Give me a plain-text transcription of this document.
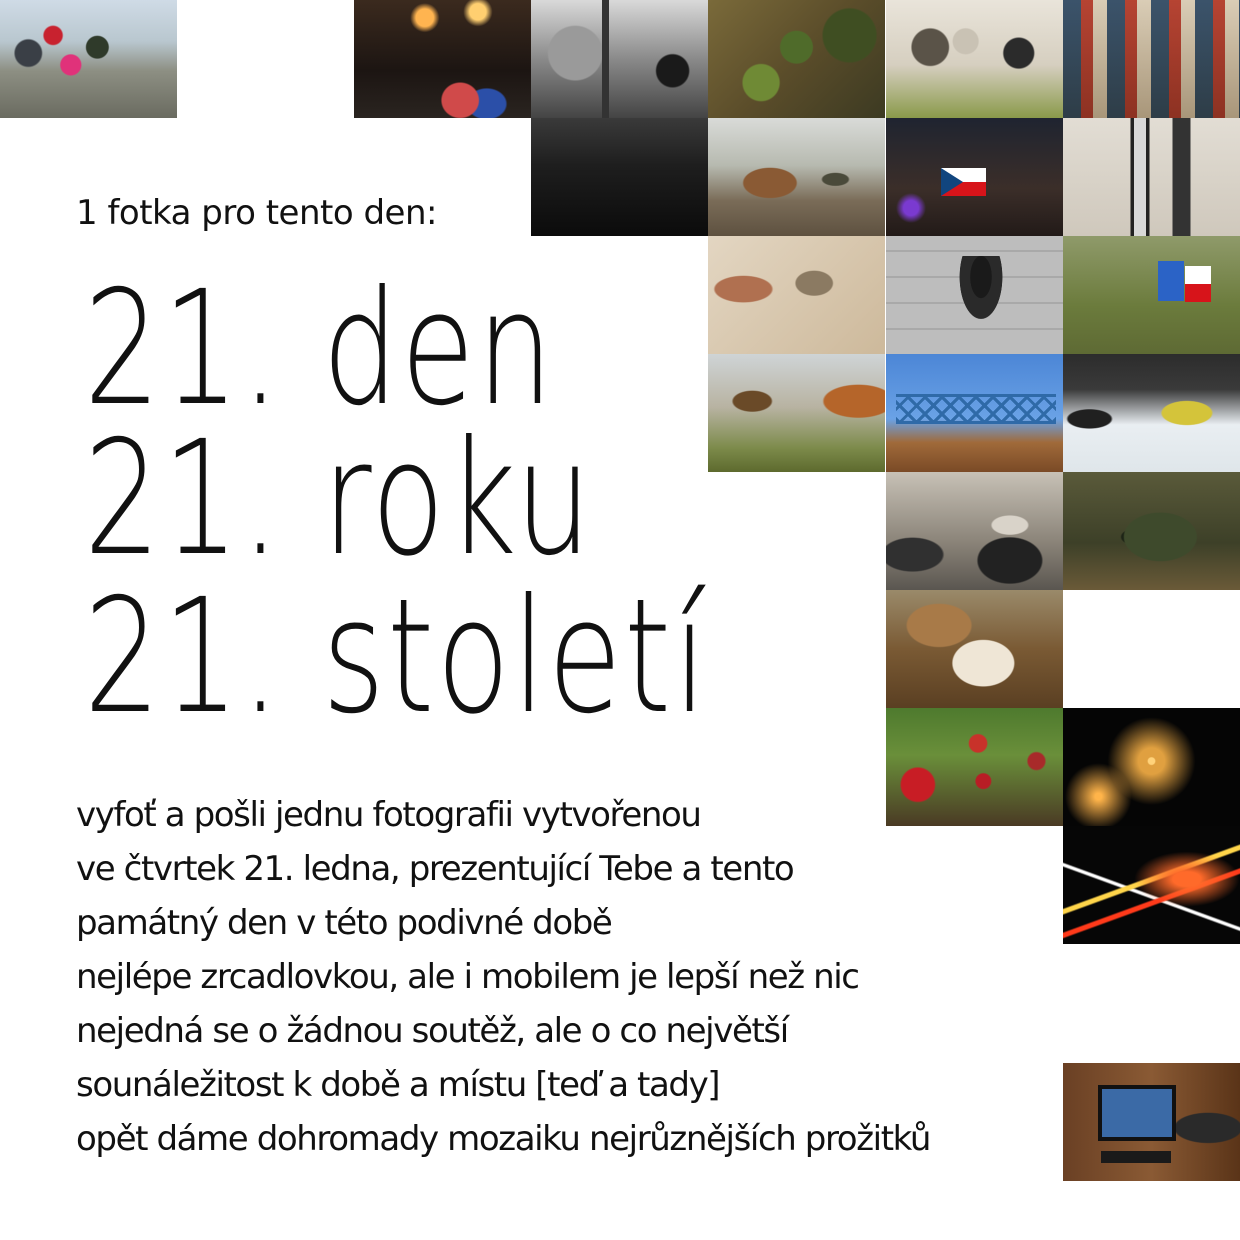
1 fotka pro tento den:

21. den
21. roku
21. století
vyfoť a pošli jednu fotografii vytvořenou
ve čtvrtek 21. ledna, prezentující Tebe a tento
památný den v této podivné době
nejlépe zrcadlovkou, ale i mobilem je lepší než nic
nejedná se o žádnou soutěž, ale o co největší
sounáležitost k době a místu [teď a tady]
opět dáme dohromady mozaiku nejrůznějších prožitků
